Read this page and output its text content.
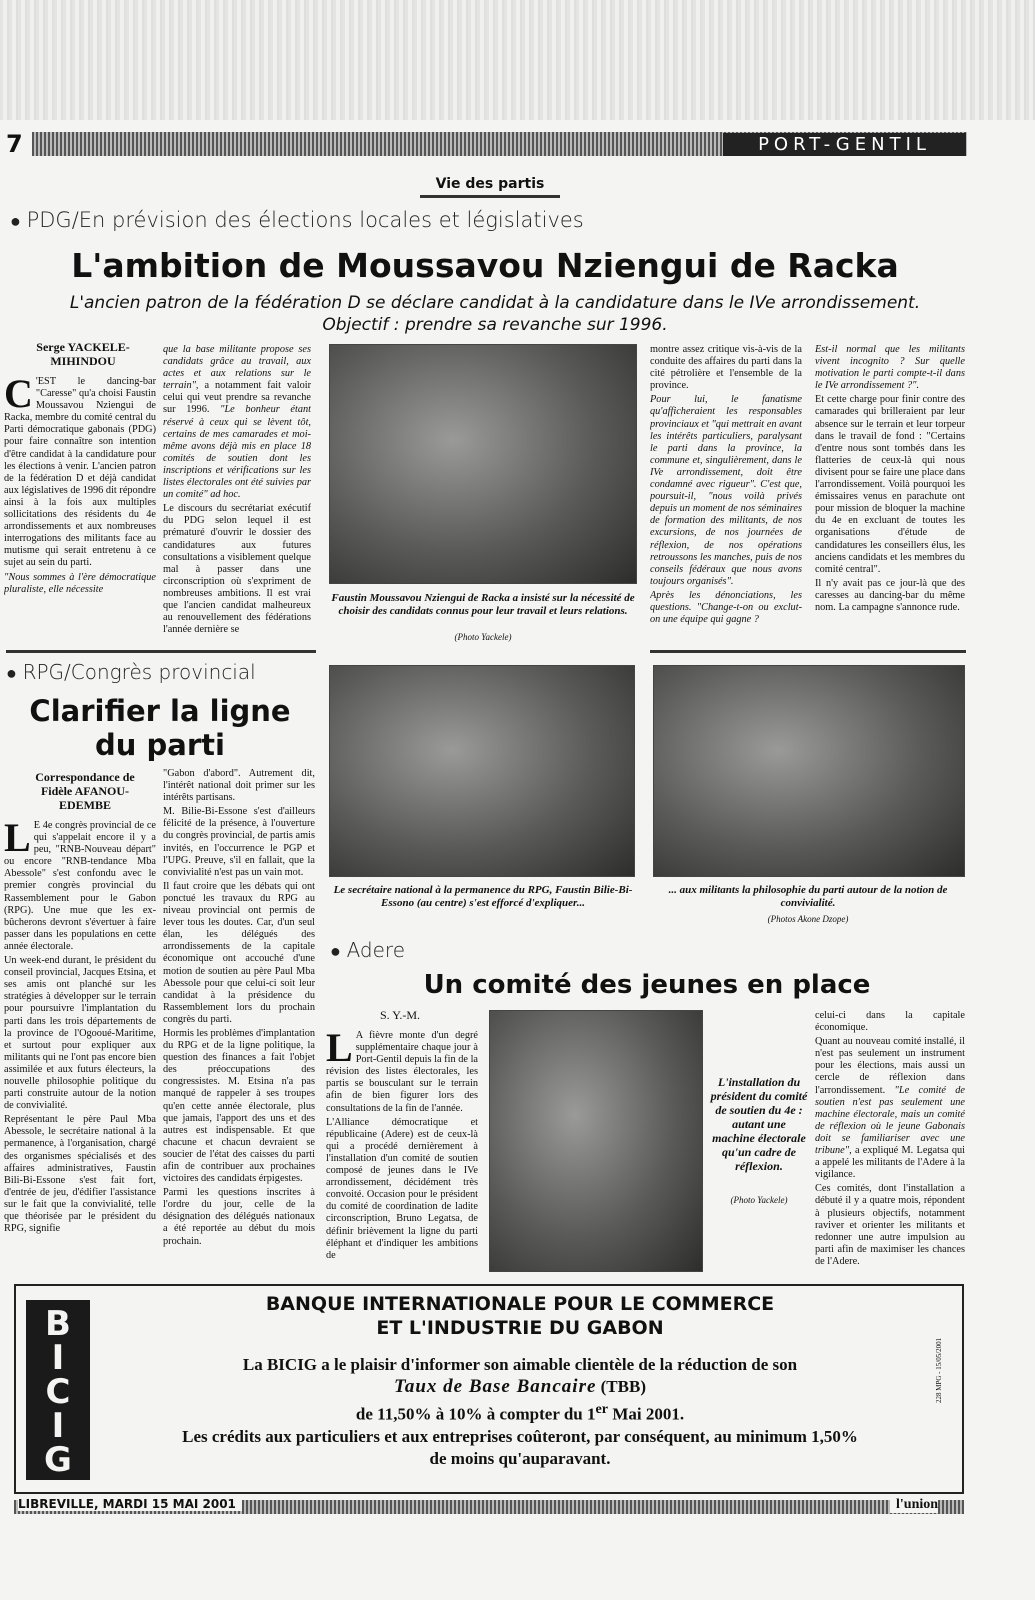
7	PORT-GENTIL
Vie des partis
● PDG/En prévision des élections locales et législatives
L'ambition de Moussavou Nziengui de Racka
L'ancien patron de la fédération D se déclare candidat à la candidature dans le IVe arrondissement.
Objectif : prendre sa revanche sur 1996.
Serge YACKELE-MIHINDOU

C 'EST le dancing-bar "Caresse" qu'a choisi Faustin Moussavou Nziengui de Racka, membre du comité central du Parti démocratique gabonais (PDG) pour faire connaître son intention d'être candidat à la candidature pour les élections à venir. L'ancien patron de la fédération D et déjà candidat aux législatives de 1996 dit répondre ainsi à la fois aux multiples sollicitations des résidents du 4e arrondissements et aux nombreuses interrogations des militants face au mutisme qui serait entretenu à ce sujet au sein du parti.

"Nous sommes à l'ère démocratique pluraliste, elle nécessite

que la base militante propose ses candidats grâce au travail, aux actes et aux relations sur le terrain", a notamment fait valoir celui qui veut prendre sa revanche sur 1996. "Le bonheur étant réservé à ceux qui se lèvent tôt, certains de mes camarades et moi-même avons déjà mis en place 18 comités de soutien dont les inscriptions et vérifications sur les listes électorales ont été suivies par un comité" ad hoc.

Le discours du secrétariat exécutif du PDG selon lequel il est prématuré d'ouvrir le dossier des candidatures aux futures consultations a visiblement quelque mal à passer dans une circonscription où s'expriment de nombreuses ambitions. Il est vrai que l'ancien candidat malheureux au renouvellement des fédérations l'année dernière se

Faustin Moussavou Nziengui de Racka a insisté sur la nécessité de choisir des candidats connus pour leur travail et leurs relations.
(Photo Yackele)

montre assez critique vis-à-vis de la conduite des affaires du parti dans la cité pétrolière et l'ensemble de la province.

Pour lui, le fanatisme qu'afficheraient les responsables provinciaux et "qui mettrait en avant les intérêts particuliers, paralysant le parti dans la province, la commune et, singulièrement, dans le IVe arrondissement, doit être condamné avec rigueur". C'est que, poursuit-il, "nous voilà privés depuis un moment de nos séminaires de formation des militants, de nos excursions, de nos journées de réflexion, de nos opérations retroussons les manches, puis de nos conseils fédéraux que nous avons toujours organisés".

Après les dénonciations, les questions. "Change-t-on ou exclut-on une équipe qui gagne ?

Est-il normal que les militants vivent incognito ? Sur quelle motivation le parti compte-t-il dans le IVe arrondissement ?".

Et cette charge pour finir contre des camarades qui brilleraient par leur absence sur le terrain et leur torpeur dans le travail de fond : "Certains d'entre nous sont tombés dans les flatteries de ceux-là qui nous divisent pour se faire une place dans l'arrondissement. Voilà pourquoi les émissaires venus en parachute ont pour mission de bloquer la machine du 4e en excluant de toutes les organisations d'étude de candidatures les conseillers élus, les anciens candidats et les membres du comité central".

Il n'y avait pas ce jour-là que des caresses au dancing-bar du même nom. La campagne s'annonce rude.

● RPG/Congrès provincial
Clarifier la ligne
du parti
Correspondance de
Fidèle AFANOU-EDEMBE

L E 4e congrès provincial de ce qui s'appelait encore il y a peu, "RNB-Nouveau départ" ou encore "RNB-tendance Mba Abessole" s'est confondu avec le premier congrès provincial du Rassemblement pour le Gabon (RPG). Une mue que les ex-bûcherons devront s'évertuer à faire passer dans les populations en cette année électorale.

Un week-end durant, le président du conseil provincial, Jacques Etsina, et ses amis ont planché sur les stratégies à développer sur le terrain pour poursuivre l'implantation du parti dans les trois départements de la province de l'Ogooué-Maritime, et surtout pour expliquer aux militants qui ne l'ont pas encore bien assimilée et aux futurs électeurs, la nouvelle philosophie politique du parti construite autour de la notion de convivialité.

Représentant le père Paul Mba Abessole, le secrétaire national à la permanence, à l'organisation, chargé des organismes spécialisés et des affaires administratives, Faustin Bili-Bi-Essone s'est fait fort, d'entrée de jeu, d'édifier l'assistance sur le fait que la convivialité, telle que théorisée par le président du RPG, signifie

"Gabon d'abord". Autrement dit, l'intérêt national doit primer sur les intérêts partisans.

M. Bilie-Bi-Essone s'est d'ailleurs félicité de la présence, à l'ouverture du congrès provincial, de partis amis invités, en l'occurrence le PGP et l'UPG. Preuve, s'il en fallait, que la convivialité n'est pas un vain mot.

Il faut croire que les débats qui ont ponctué les travaux du RPG au niveau provincial ont permis de lever tous les doutes. Car, d'un seul élan, les délégués des arrondissements de la capitale économique ont accouché d'une motion de soutien au père Paul Mba Abessole pour que celui-ci soit leur candidat à la présidence du Rassemblement lors du prochain congrès du parti.

Hormis les problèmes d'implantation du RPG et de la ligne politique, la question des finances a fait l'objet des préoccupations des congressistes. M. Etsina n'a pas manqué de rappeler à ses troupes qu'en cette année électorale, plus que jamais, l'apport des uns et des autres est indispensable. Et que chacune et chacun devraient se soucier de l'état des caisses du parti afin de contribuer aux prochaines victoires des candidats érpigestes.

Parmi les questions inscrites à l'ordre du jour, celle de la désignation des délégués nationaux a été reportée au début du mois prochain.

Le secrétaire national à la permanence du RPG, Faustin Bilie-Bi-Essono (au centre) s'est efforcé d'expliquer...
... aux militants la philosophie du parti autour de la notion de convivialité.
(Photos Akone Dzope)
● Adere
Un comité des jeunes en place
S. Y.-M.

L A fièvre monte d'un degré supplémentaire chaque jour à Port-Gentil depuis la fin de la révision des listes électorales, les partis se bousculant sur le terrain afin de bien figurer lors des consultations de la fin de l'année.

L'Alliance démocratique et républicaine (Adere) est de ceux-là qui a procédé dernièrement à l'installation d'un comité de soutien composé de jeunes dans le IVe arrondissement, décidément très convoité. Occasion pour le président du comité de coordination de ladite circonscription, Bruno Legatsa, de définir brièvement la ligne du parti éléphant et d'indiquer les ambitions de

L'installation du président du comité de soutien du 4e : autant une machine électorale qu'un cadre de réflexion.
(Photo Yackele)

celui-ci dans la capitale économique.

Quant au nouveau comité installé, il n'est pas seulement un instrument pour les élections, mais aussi un cercle de réflexion dans l'arrondissement. "Le comité de soutien n'est pas seulement une machine électorale, mais un comité de réflexion où le jeune Gabonais doit se familiariser avec une tribune", a expliqué M. Legatsa qui a appelé les militants de l'Adere à la vigilance.

Ces comités, dont l'installation a débuté il y a quatre mois, répondent à plusieurs objectifs, notamment raviver et orienter les militants et redonner une autre impulsion au parti afin de maximiser les chances de l'Adere.

B
I
C
I
G
BANQUE INTERNATIONALE POUR LE COMMERCE
ET L'INDUSTRIE DU GABON
La BICIG a le plaisir d'informer son aimable clientèle de la réduction de son
Taux de Base Bancaire (TBB)
de 11,50% à 10% à compter du 1er Mai 2001.
Les crédits aux particuliers et aux entreprises coûteront, par conséquent, au minimum 1,50%
de moins qu'auparavant.
228 MPG - 15/05/2001
LIBREVILLE, MARDI 15 MAI 2001	l'union
